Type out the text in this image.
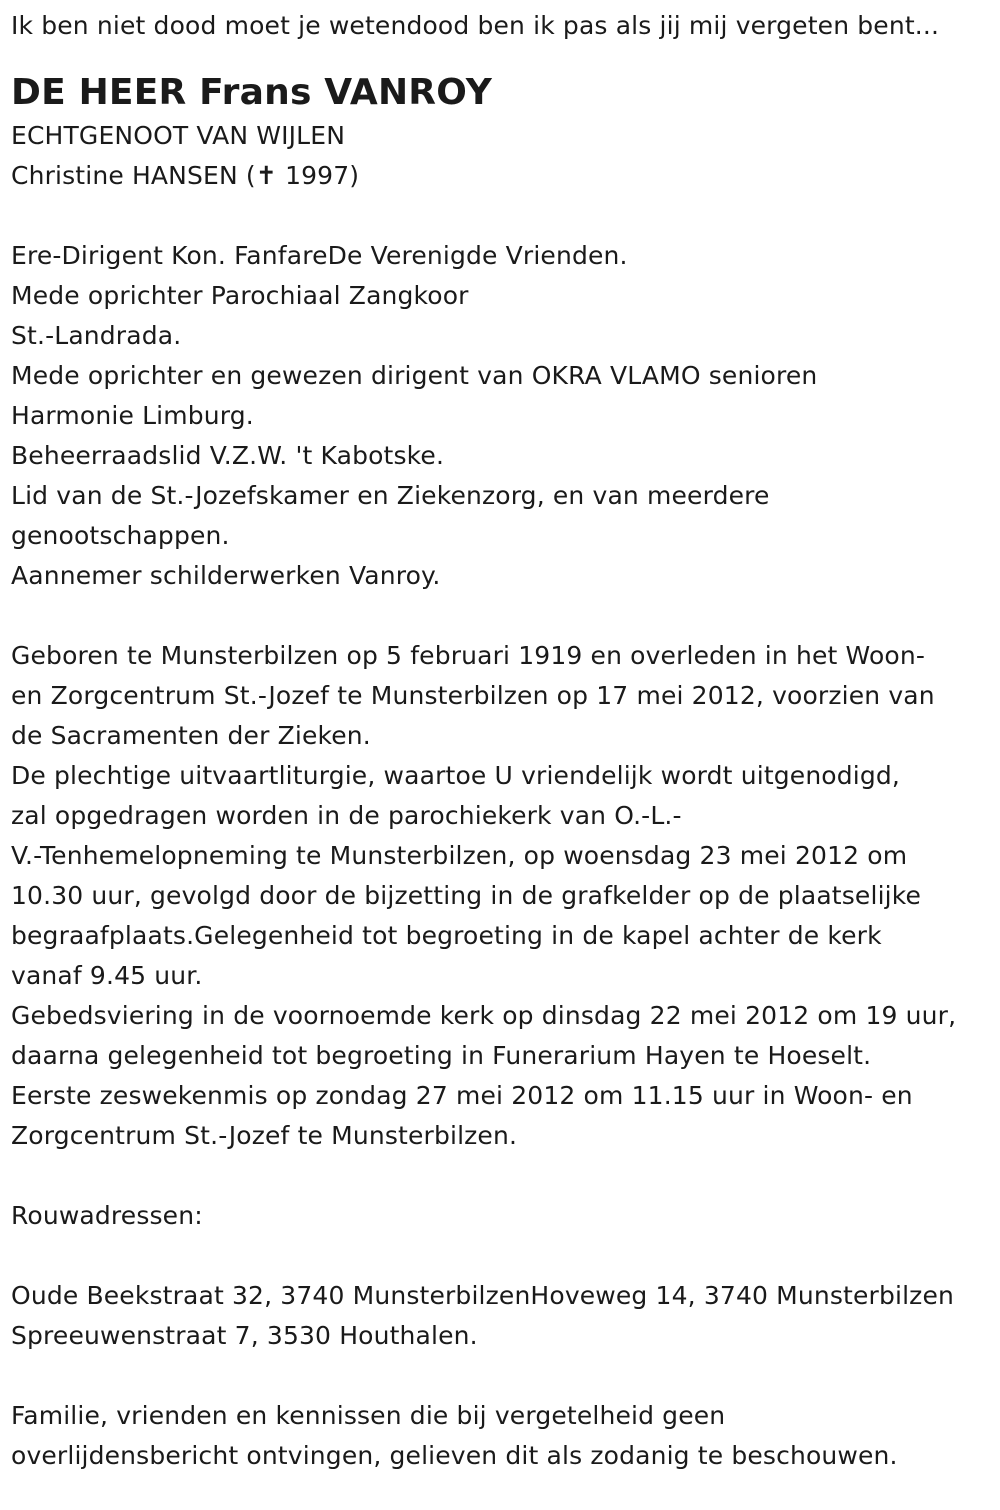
Ik ben niet dood moet je wetendood ben ik pas als jij mij vergeten bent...
DE HEER Frans VANROY
ECHTGENOOT VAN WIJLEN
Christine HANSEN (✝ 1997)
Ere-Dirigent Kon. FanfareDe Verenigde Vrienden.
Mede oprichter Parochiaal Zangkoor
St.-Landrada.
Mede oprichter en gewezen dirigent van OKRA VLAMO senioren
Harmonie Limburg.
Beheerraadslid V.Z.W. 't Kabotske.
Lid van de St.-Jozefskamer en Ziekenzorg, en van meerdere
genootschappen.
Aannemer schilderwerken Vanroy.
Geboren te Munsterbilzen op 5 februari 1919 en overleden in het Woon-
en Zorgcentrum St.-Jozef te Munsterbilzen op 17 mei 2012, voorzien van
de Sacramenten der Zieken.
De plechtige uitvaartliturgie, waartoe U vriendelijk wordt uitgenodigd,
zal opgedragen worden in de parochiekerk van O.-L.-
V.-Tenhemelopneming te Munsterbilzen, op woensdag 23 mei 2012 om
10.30 uur, gevolgd door de bijzetting in de grafkelder op de plaatselijke
begraafplaats.Gelegenheid tot begroeting in de kapel achter de kerk
vanaf 9.45 uur.
Gebedsviering in de voornoemde kerk op dinsdag 22 mei 2012 om 19 uur,
daarna gelegenheid tot begroeting in Funerarium Hayen te Hoeselt.
Eerste zeswekenmis op zondag 27 mei 2012 om 11.15 uur in Woon- en
Zorgcentrum St.-Jozef te Munsterbilzen.
Rouwadressen:
Oude Beekstraat 32, 3740 MunsterbilzenHoveweg 14, 3740 Munsterbilzen
Spreeuwenstraat 7, 3530 Houthalen.
Familie, vrienden en kennissen die bij vergetelheid geen
overlijdensbericht ontvingen, gelieven dit als zodanig te beschouwen.
